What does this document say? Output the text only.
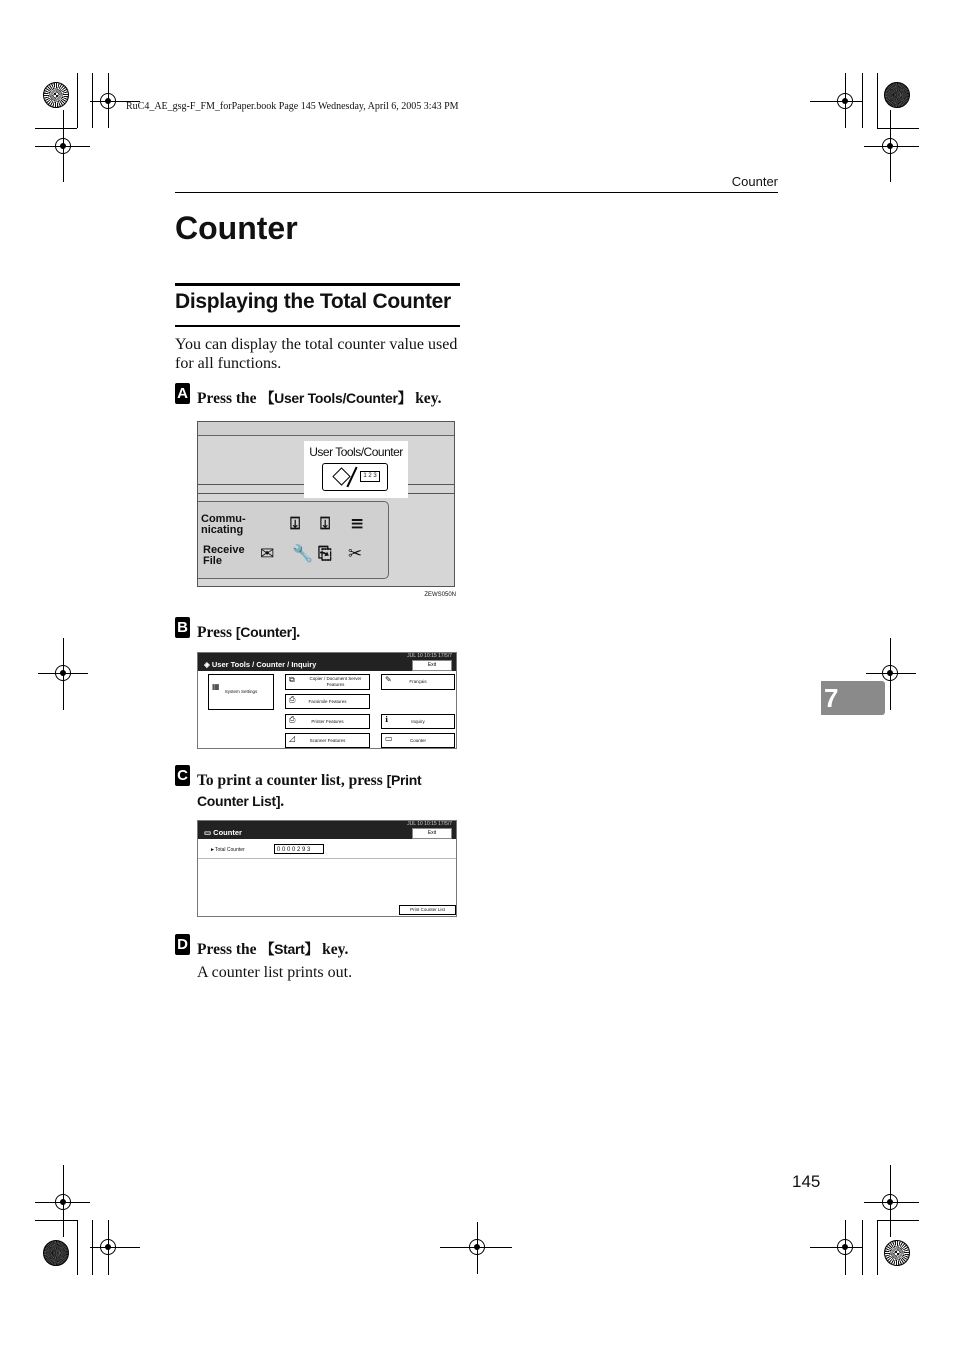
RuC4_AE_gsg-F_FM_forPaper.book Page 145 Wednesday, April 6, 2005 3:43 PM
Counter
Counter
Displaying the Total Counter
You can display the total counter value used for all functions.
A Press the 【User Tools/Counter】 key.
User Tools/Counter
1 2 3
Commu-
nicating	⍗ ⍗ ≡
Receive
File	✉ 🔧 ⎘ ✂
ZEWS050N
B Press [Counter].
JUL 10 10:15 17/5/7
◈ User Tools / Counter / Inquiry	Exit
▦
System Settings
⧉	Copier / Document Server Features
⎙	Facsimile Features
⎙	Printer Features
◿	Scanner Features
✎	Français
ℹ	Inquiry
▭	Counter
C To print a counter list, press [Print Counter List].
JUL 10 10:15 17/5/7
▭ Counter	Exit
►Total Counter	0 0 0 0 2 9 3
Print Counter List
D Press the 【Start】 key.
A counter list prints out.
7
145
